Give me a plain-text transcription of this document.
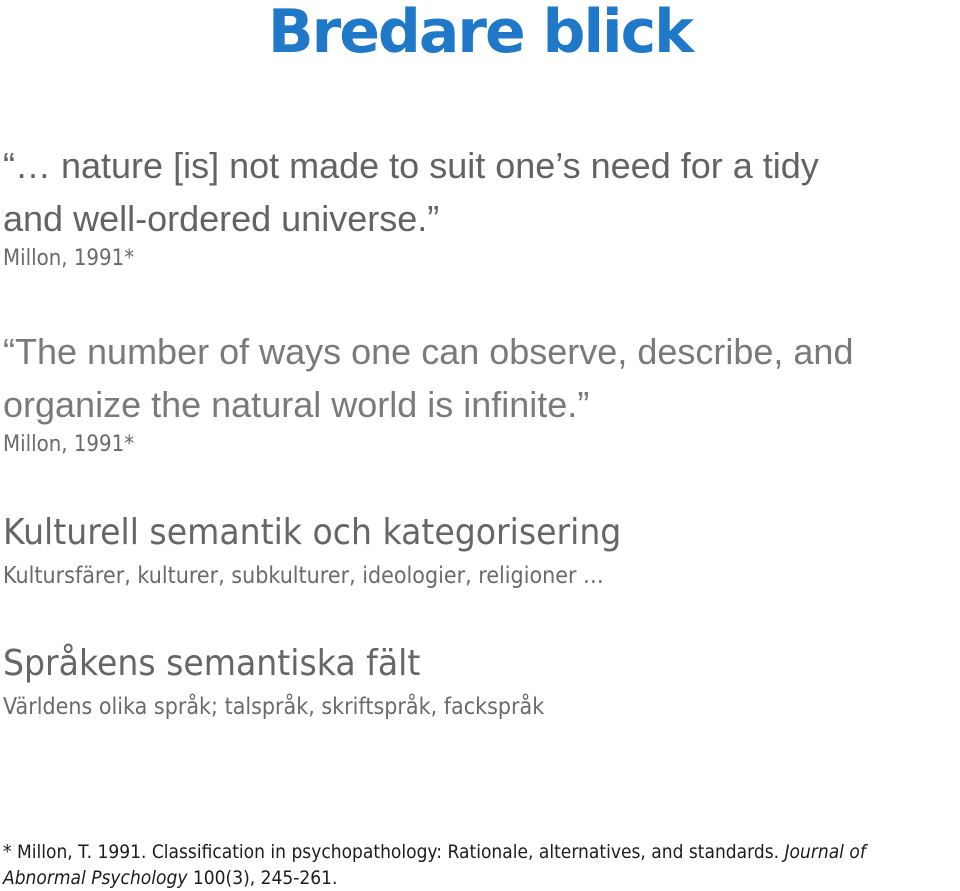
Bredare blick
“… nature [is] not made to suit one’s need for a tidy
and well-ordered universe.”
Millon, 1991*
“The number of ways one can observe, describe, and
organize the natural world is infinite.”
Millon, 1991*
Kulturell semantik och kategorisering
Kultursfärer, kulturer, subkulturer, ideologier, religioner …
Språkens semantiska fält
Världens olika språk; talspråk, skriftspråk, fackspråk
* Millon, T. 1991. Classification in psychopathology: Rationale, alternatives, and standards. Journal of
Abnormal Psychology 100(3), 245-261.
